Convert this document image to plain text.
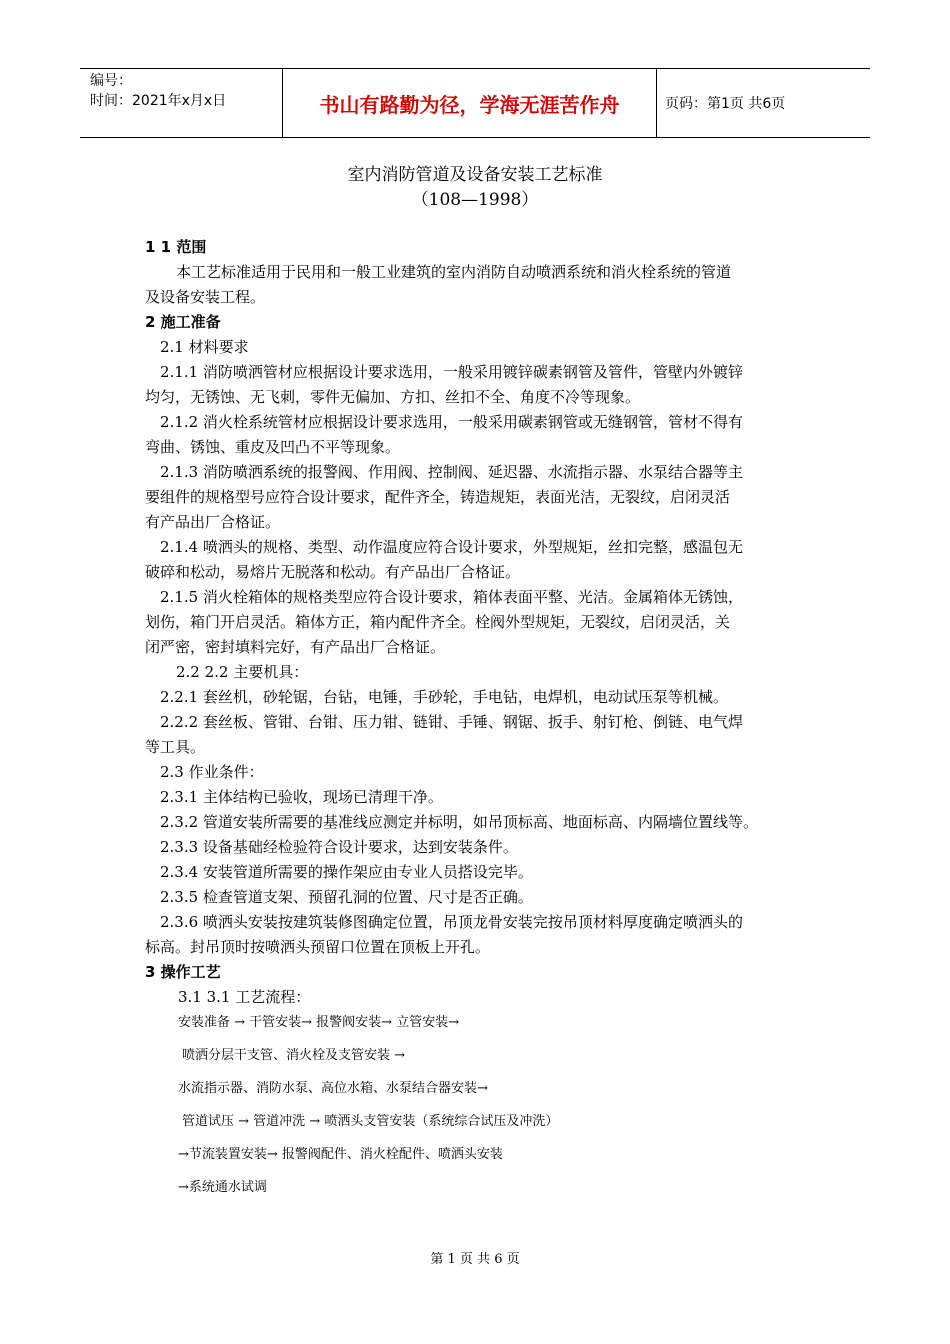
编号：
时间：2021年x月x日	书山有路勤为径，学海无涯苦作舟	页码：第1页 共6页
室内消防管道及设备安装工艺标准
（108—1998）
1 1 范围
本工艺标准适用于民用和一般工业建筑的室内消防自动喷洒系统和消火栓系统的管道
及设备安装工程。
2 施工准备
2.1 材料要求
2.1.1 消防喷洒管材应根据设计要求选用，一般采用镀锌碳素钢管及管件，管壁内外镀锌
均匀，无锈蚀、无飞刺，零件无偏加、方扣、丝扣不全、角度不冷等现象。
2.1.2 消火栓系统管材应根据设计要求选用，一般采用碳素钢管或无缝钢管，管材不得有
弯曲、锈蚀、重皮及凹凸不平等现象。
2.1.3 消防喷洒系统的报警阀、作用阀、控制阀、延迟器、水流指示器、水泵结合器等主
要组件的规格型号应符合设计要求，配件齐全，铸造规矩，表面光洁，无裂纹，启闭灵活
有产品出厂合格证。
2.1.4 喷洒头的规格、类型、动作温度应符合设计要求，外型规矩，丝扣完整，感温包无
破碎和松动，易熔片无脱落和松动。有产品出厂合格证。
2.1.5 消火栓箱体的规格类型应符合设计要求，箱体表面平整、光洁。金属箱体无锈蚀，
划伤，箱门开启灵活。箱体方正，箱内配件齐全。栓阀外型规矩，无裂纹，启闭灵活，关
闭严密，密封填料完好，有产品出厂合格证。
2.2 2.2 主要机具：
2.2.1 套丝机，砂轮锯，台钻，电锤，手砂轮，手电钻，电焊机，电动试压泵等机械。
2.2.2 套丝板、管钳、台钳、压力钳、链钳、手锤、钢锯、扳手、射钉枪、倒链、电气焊
等工具。
2.3 作业条件：
2.3.1 主体结构已验收，现场已清理干净。
2.3.2 管道安装所需要的基准线应测定并标明，如吊顶标高、地面标高、内隔墙位置线等。
2.3.3 设备基础经检验符合设计要求，达到安装条件。
2.3.4 安装管道所需要的操作架应由专业人员搭设完毕。
2.3.5 检查管道支架、预留孔洞的位置、尺寸是否正确。
2.3.6 喷洒头安装按建筑装修图确定位置，吊顶龙骨安装完按吊顶材料厚度确定喷洒头的
标高。封吊顶时按喷洒头预留口位置在顶板上开孔。
3 操作工艺
3.1 3.1 工艺流程：
安装准备 → 干管安装→ 报警阀安装→ 立管安装→
喷洒分层干支管、消火栓及支管安装 →
水流指示器、消防水泵、高位水箱、水泵结合器安装→
管道试压 → 管道冲洗 → 喷洒头支管安装（系统综合试压及冲洗）
→节流装置安装→ 报警阀配件、消火栓配件、喷洒头安装
→系统通水试调
第 1 页 共 6 页
